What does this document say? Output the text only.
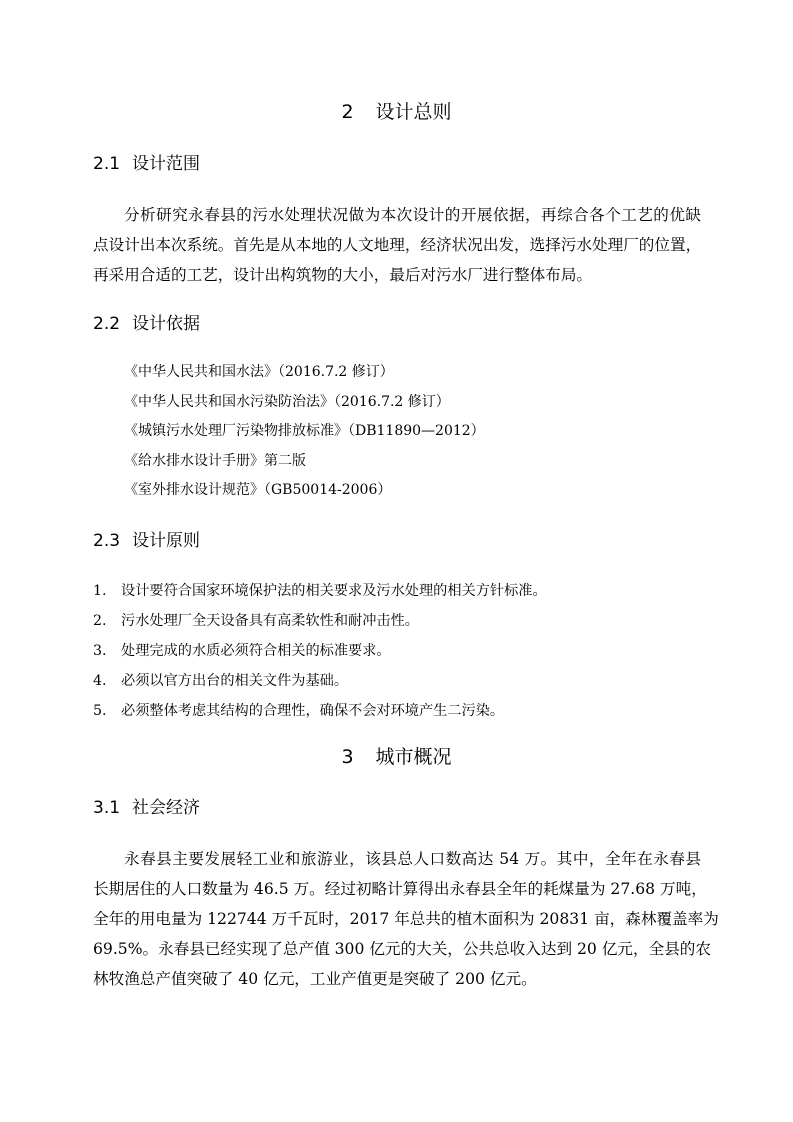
2 设计总则
2.1 设计范围
分析研究永春县的污水处理状况做为本次设计的开展依据，再综合各个工艺的优缺
点设计出本次系统。首先是从本地的人文地理，经济状况出发，选择污水处理厂的位置，
再采用合适的工艺，设计出构筑物的大小，最后对污水厂进行整体布局。
2.2 设计依据
《中华人民共和国水法》（2016.7.2 修订）
《中华人民共和国水污染防治法》（2016.7.2 修订）
《城镇污水处理厂污染物排放标准》（DB11890—2012）
《给水排水设计手册》第二版
《室外排水设计规范》（GB50014-2006）
2.3 设计原则
1. 设计要符合国家环境保护法的相关要求及污水处理的相关方针标准。
2. 污水处理厂全天设备具有高柔软性和耐冲击性。
3. 处理完成的水质必须符合相关的标准要求。
4. 必须以官方出台的相关文件为基础。
5. 必须整体考虑其结构的合理性，确保不会对环境产生二污染。
3 城市概况
3.1 社会经济
永春县主要发展轻工业和旅游业，该县总人口数高达 54 万。其中，全年在永春县
长期居住的人口数量为 46.5 万。经过初略计算得出永春县全年的耗煤量为 27.68 万吨，
全年的用电量为 122744 万千瓦时，2017 年总共的植木面积为 20831 亩，森林覆盖率为
69.5%。永春县已经实现了总产值 300 亿元的大关，公共总收入达到 20 亿元，全县的农
林牧渔总产值突破了 40 亿元，工业产值更是突破了 200 亿元。
